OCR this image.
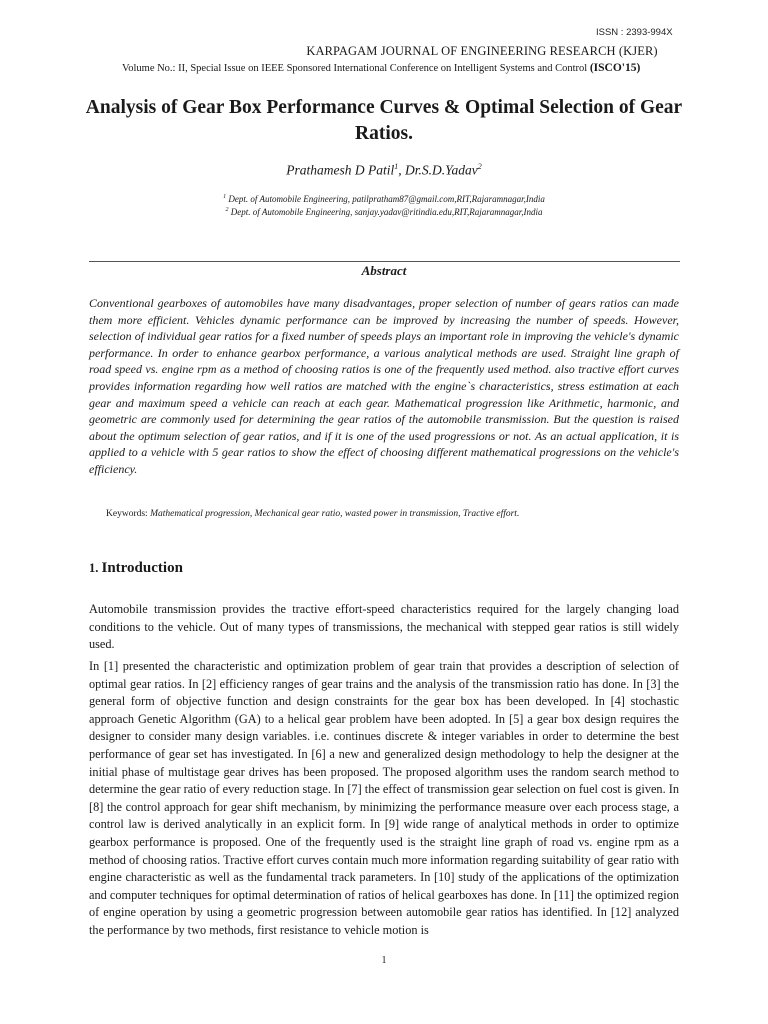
ISSN : 2393-994X
KARPAGAM JOURNAL OF ENGINEERING RESEARCH (KJER)
Volume No.: II, Special Issue on IEEE Sponsored International Conference on Intelligent Systems and Control (ISCO'15)
Analysis of Gear Box Performance Curves & Optimal Selection of Gear Ratios.
Prathamesh D Patil$^1$, Dr.S.D.Yadav$^2$
$^1$ Dept. of Automobile Engineering, patilpratham87@gmail.com,RIT,Rajaramnagar,India
$^2$ Dept. of Automobile Engineering, sanjay.yadav@ritindia.edu,RIT,Rajaramnagar,India
Abstract

Conventional gearboxes of automobiles have many disadvantages, proper selection of number of gears ratios can made them more efficient. Vehicles dynamic performance can be improved by increasing the number of speeds. However, selection of individual gear ratios for a fixed number of speeds plays an important role in improving the vehicle's dynamic performance. In order to enhance gearbox performance, a various analytical methods are used. Straight line graph of road speed vs. engine rpm as a method of choosing ratios is one of the frequently used method. also tractive effort curves provides information regarding how well ratios are matched with the engine`s characteristics, stress estimation at each gear and maximum speed a vehicle can reach at each gear. Mathematical progression like Arithmetic, harmonic, and geometric are commonly used for determining the gear ratios of the automobile transmission. But the question is raised about the optimum selection of gear ratios, and if it is one of the used progressions or not. As an actual application, it is applied to a vehicle with 5 gear ratios to show the effect of choosing different mathematical progressions on the vehicle's efficiency.

Keywords: Mathematical progression, Mechanical gear ratio, wasted power in transmission, Tractive effort.

1. Introduction

Automobile transmission provides the tractive effort-speed characteristics required for the largely changing load conditions to the vehicle. Out of many types of transmissions, the mechanical with stepped gear ratios is still widely used.

In [1] presented the characteristic and optimization problem of gear train that provides a description of selection of optimal gear ratios. In [2] efficiency ranges of gear trains and the analysis of the transmission ratio has done. In [3] the general form of objective function and design constraints for the gear box has been developed. In [4] stochastic approach Genetic Algorithm (GA) to a helical gear problem have been adopted. In [5] a gear box design requires the designer to consider many design variables. i.e. continues discrete & integer variables in order to determine the best performance of gear set has investigated. In [6] a new and generalized design methodology to help the designer at the initial phase of multistage gear drives has been proposed. The proposed algorithm uses the random search method to determine the gear ratio of every reduction stage. In [7] the effect of transmission gear selection on fuel cost is given. In [8] the control approach for gear shift mechanism, by minimizing the performance measure over each process stage, a control law is derived analytically in an explicit form. In [9] wide range of analytical methods in order to optimize gearbox performance is proposed. One of the frequently used is the straight line graph of road vs. engine rpm as a method of choosing ratios. Tractive effort curves contain much more information regarding suitability of gear ratio with engine characteristic as well as the fundamental track parameters. In [10] study of the applications of the optimization and computer techniques for optimal determination of ratios of helical gearboxes has done. In [11] the optimized region of engine operation by using a geometric progression between automobile gear ratios has identified. In [12] analyzed the performance by two methods, first resistance to vehicle motion is

1
